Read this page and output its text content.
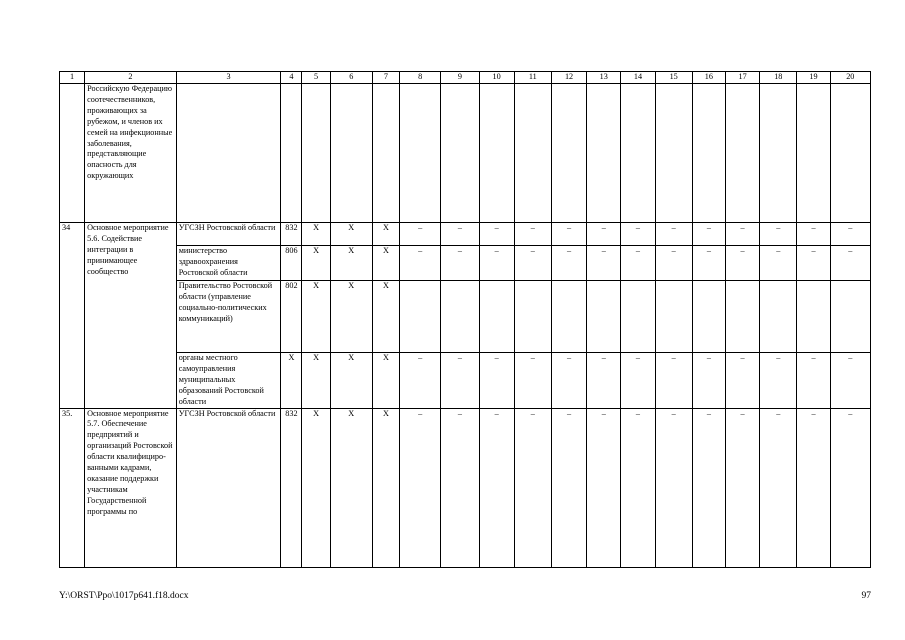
1	2	3	4	5	6	7	8	9	10	11	12	13	14	15	16	17	18	19	20
	Российскую Федерацию соотечественников, проживающих за рубежом, и членов их семей на инфекционные заболевания, представляющие опасность для окружающих																		
34	Основное мероприятие 5.6. Содействие интеграции в принимающее сообщество	УГСЗН Ростовской области	832	Х	Х	Х	–	–	–	–	–	–	–	–	–	–	–	–	–
		министерство здравоохранения Ростовской области	806	Х	Х	Х	–	–	–	–	–	–	–	–	–	–	–	–	–
		Правительство Ростовской области (управление социально-политических коммуникаций)	802	Х	Х	Х													
		органы местного самоуправления муниципальных образований Ростовской области	Х	Х	Х	Х	–	–	–	–	–	–	–	–	–	–	–	–	–
35.	Основное мероприятие 5.7. Обеспечение предприятий и организаций Ростовской области квалифициро-ванными кадрами, оказание поддержки участникам Государственной программы по	УГСЗН Ростовской области	832	Х	Х	Х	–	–	–	–	–	–	–	–	–	–	–	–	–
Y:\ORST\Ppo\1017p641.f18.docx	97
